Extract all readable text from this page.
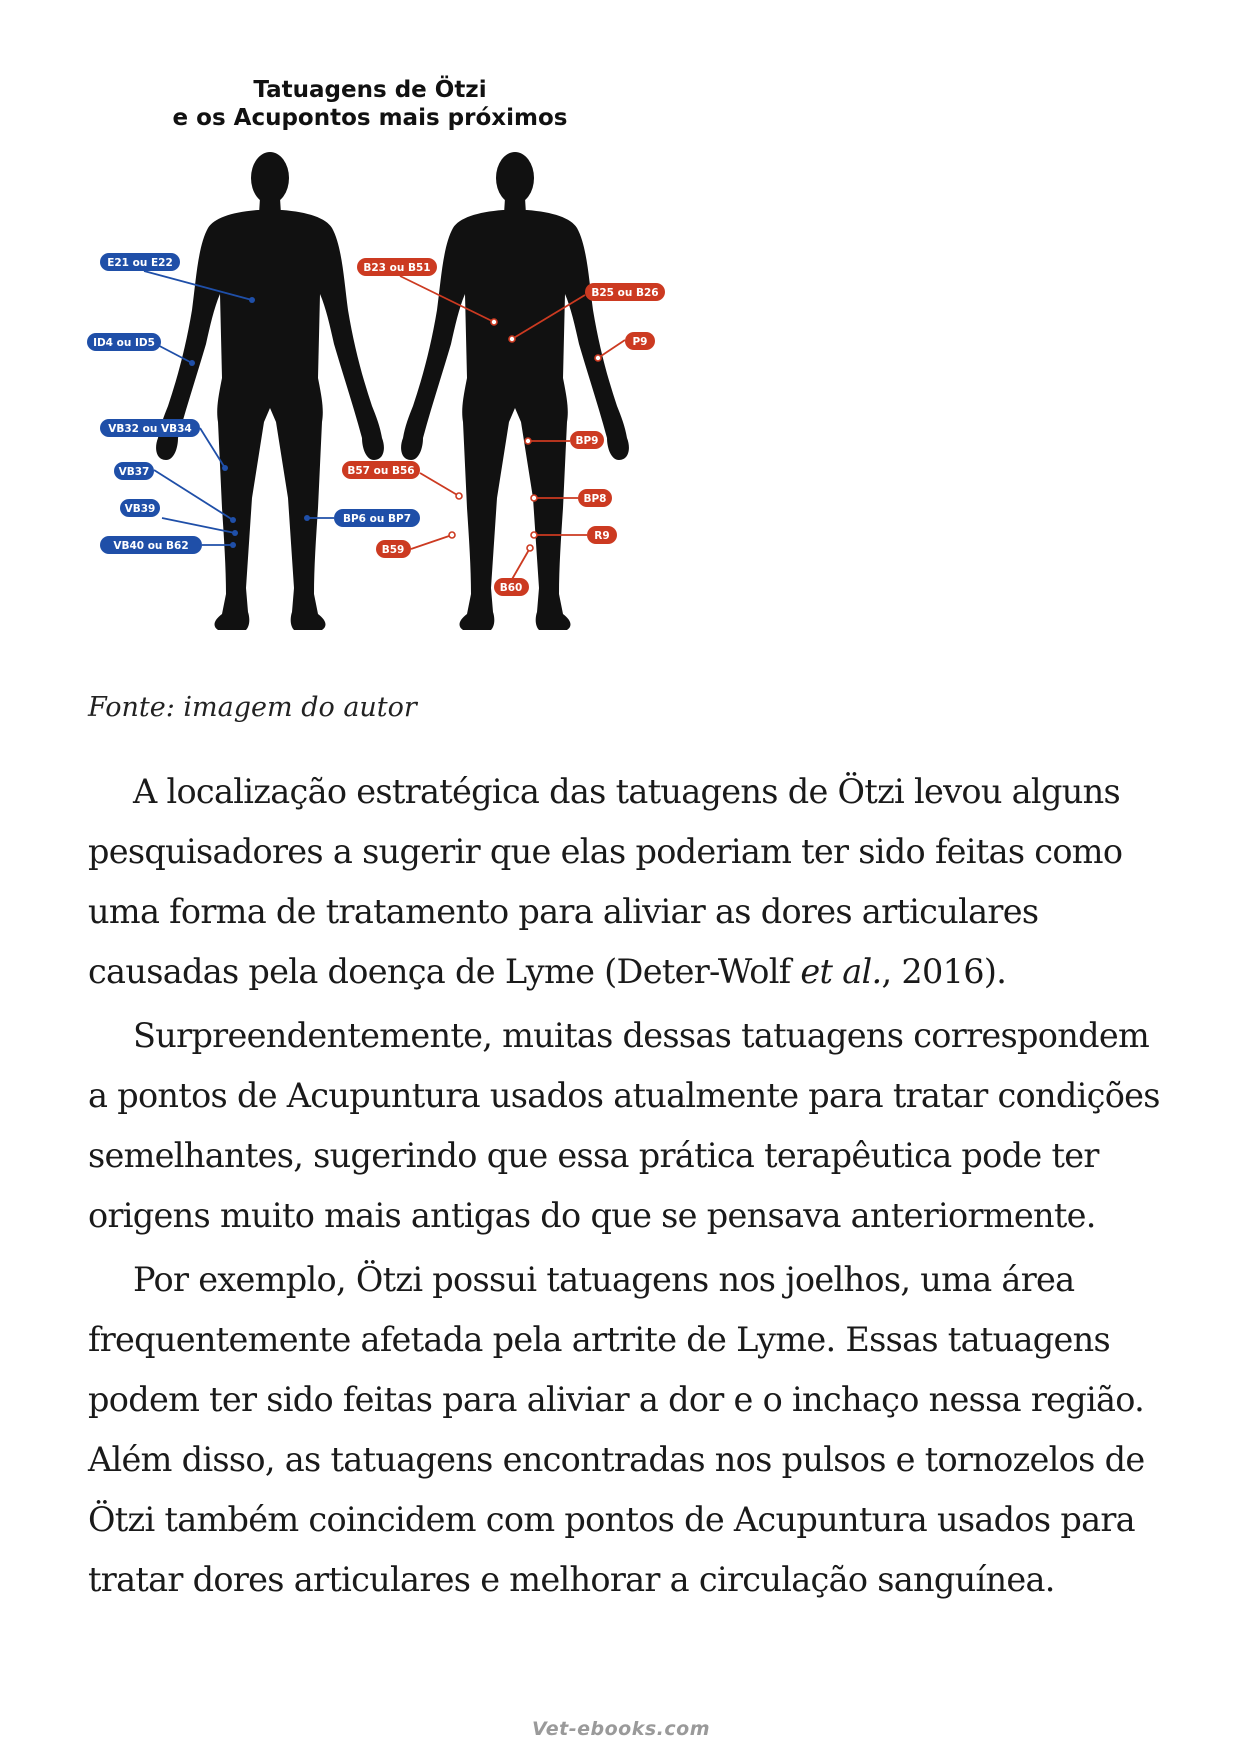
Tatuagens de Ötzi
e os Acupontos mais próximos
E21 ou E22
ID4 ou ID5
VB32 ou VB34
VB37
VB39
VB40 ou B62
BP6 ou BP7
B23 ou B51
B25 ou B26
P9
BP9
B57 ou B56
BP8
R9
B59
B60
Fonte: imagem do autor

A localização estratégica das tatuagens de Ötzi levou alguns pesquisadores a sugerir que elas poderiam ter sido feitas como uma forma de tratamento para aliviar as dores articulares causadas pela doença de Lyme (Deter-Wolf et al., 2016).

Surpreendentemente, muitas dessas tatuagens correspondem a pontos de Acupuntura usados atualmente para tratar condições semelhantes, sugerindo que essa prática terapêutica pode ter origens muito mais antigas do que se pensava anteriormente.

Por exemplo, Ötzi possui tatuagens nos joelhos, uma área frequentemente afetada pela artrite de Lyme. Essas tatuagens podem ter sido feitas para aliviar a dor e o inchaço nessa região. Além disso, as tatuagens encontradas nos pulsos e tornozelos de Ötzi também coincidem com pontos de Acupuntura usados para tratar dores articulares e melhorar a circulação sanguínea.

Vet-ebooks.com
